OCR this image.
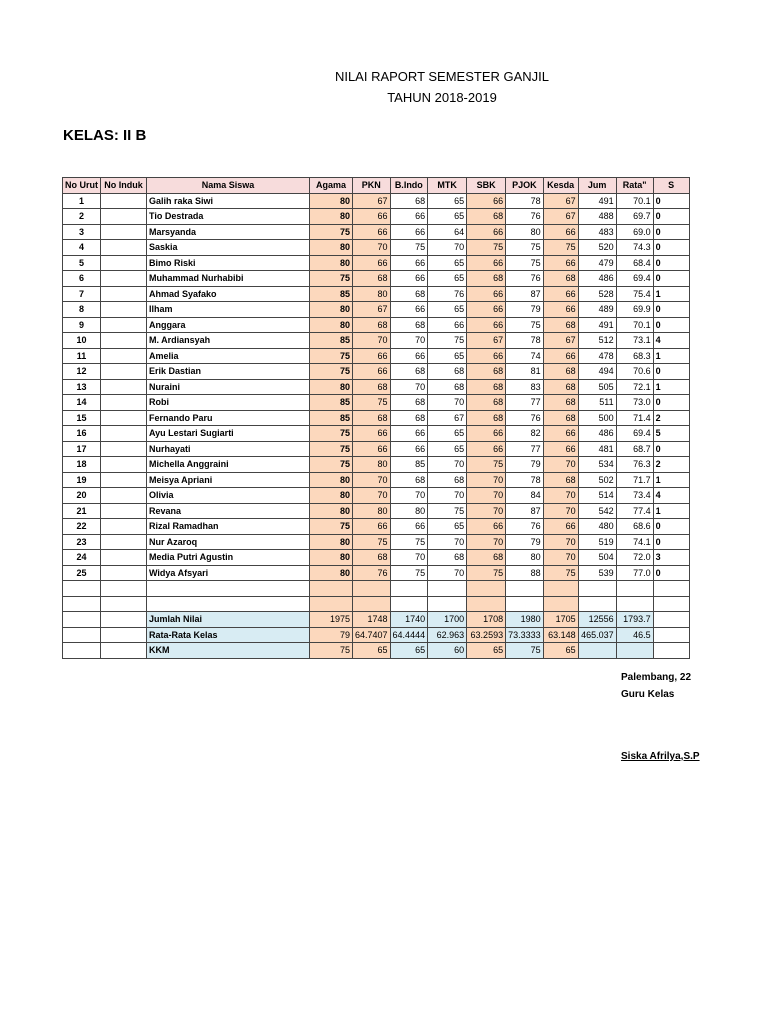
NILAI RAPORT SEMESTER GANJIL
TAHUN 2018-2019
KELAS: II B
No Urut	No Induk	Nama Siswa	Agama	PKN	B.Indo	MTK	SBK	PJOK	Kesda	Jum	Rata"	S
1		Galih raka Siwi	80	67	68	65	66	78	67	491	70.1	0
2		Tio Destrada	80	66	66	65	68	76	67	488	69.7	0
3		Marsyanda	75	66	66	64	66	80	66	483	69.0	0
4		Saskia	80	70	75	70	75	75	75	520	74.3	0
5		Bimo Riski	80	66	66	65	66	75	66	479	68.4	0
6		Muhammad Nurhabibi	75	68	66	65	68	76	68	486	69.4	0
7		Ahmad Syafako	85	80	68	76	66	87	66	528	75.4	1
8		Ilham	80	67	66	65	66	79	66	489	69.9	0
9		Anggara	80	68	68	66	66	75	68	491	70.1	0
10		M. Ardiansyah	85	70	70	75	67	78	67	512	73.1	4
11		Amelia	75	66	66	65	66	74	66	478	68.3	1
12		Erik Dastian	75	66	68	68	68	81	68	494	70.6	0
13		Nuraini	80	68	70	68	68	83	68	505	72.1	1
14		Robi	85	75	68	70	68	77	68	511	73.0	0
15		Fernando Paru	85	68	68	67	68	76	68	500	71.4	2
16		Ayu Lestari Sugiarti	75	66	66	65	66	82	66	486	69.4	5
17		Nurhayati	75	66	66	65	66	77	66	481	68.7	0
18		Michella Anggraini	75	80	85	70	75	79	70	534	76.3	2
19		Meisya Apriani	80	70	68	68	70	78	68	502	71.7	1
20		Olivia	80	70	70	70	70	84	70	514	73.4	4
21		Revana	80	80	80	75	70	87	70	542	77.4	1
22		Rizal Ramadhan	75	66	66	65	66	76	66	480	68.6	0
23		Nur Azaroq	80	75	75	70	70	79	70	519	74.1	0
24		Media Putri Agustin	80	68	70	68	68	80	70	504	72.0	3
25		Widya Afsyari	80	76	75	70	75	88	75	539	77.0	0

		Jumlah Nilai	1975	1748	1740	1700	1708	1980	1705	12556	1793.7	
		Rata-Rata Kelas	79	64.7407	64.4444	62.963	63.2593	73.3333	63.148	465.037	46.5	
		KKM	75	65	65	60	65	75	65			
Palembang, 22
Guru Kelas
Siska Afrilya,S.P
